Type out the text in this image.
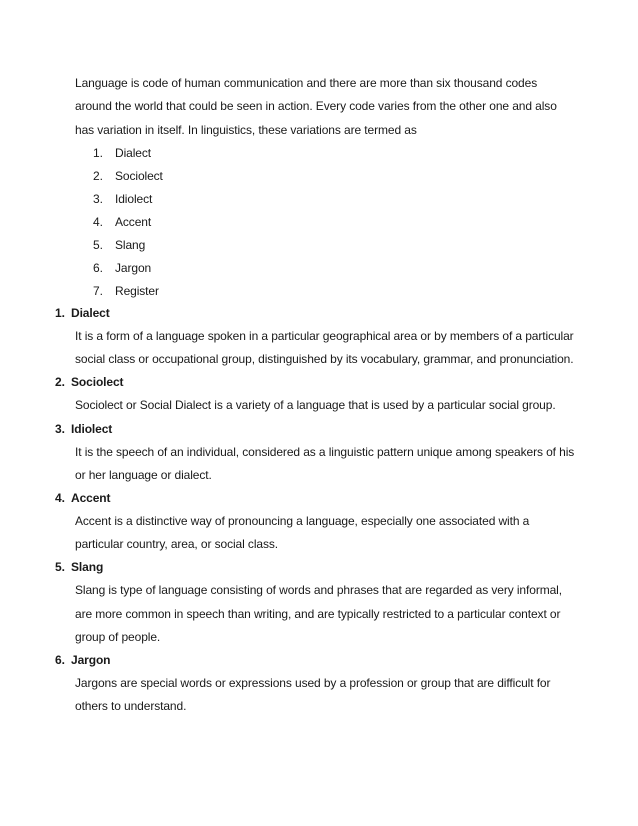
Language is code of human communication and there are more than six thousand codes around the world that could be seen in action. Every code varies from the other one and also has variation in itself. In linguistics, these variations are termed as

1.	Dialect
2.	Sociolect
3.	Idiolect
4.	Accent
5.	Slang
6.	Jargon
7.	Register
1. Dialect

It is a form of a language spoken in a particular geographical area or by members of a particular social class or occupational group, distinguished by its vocabulary, grammar, and pronunciation.

2. Sociolect

Sociolect or Social Dialect is a variety of a language that is used by a particular social group.

3. Idiolect

It is the speech of an individual, considered as a linguistic pattern unique among speakers of his or her language or dialect.

4. Accent

Accent is a distinctive way of pronouncing a language, especially one associated with a particular country, area, or social class.

5. Slang

Slang is type of language consisting of words and phrases that are regarded as very informal, are more common in speech than writing, and are typically restricted to a particular context or group of people.

6. Jargon

Jargons are special words or expressions used by a profession or group that are difficult for others to understand.
